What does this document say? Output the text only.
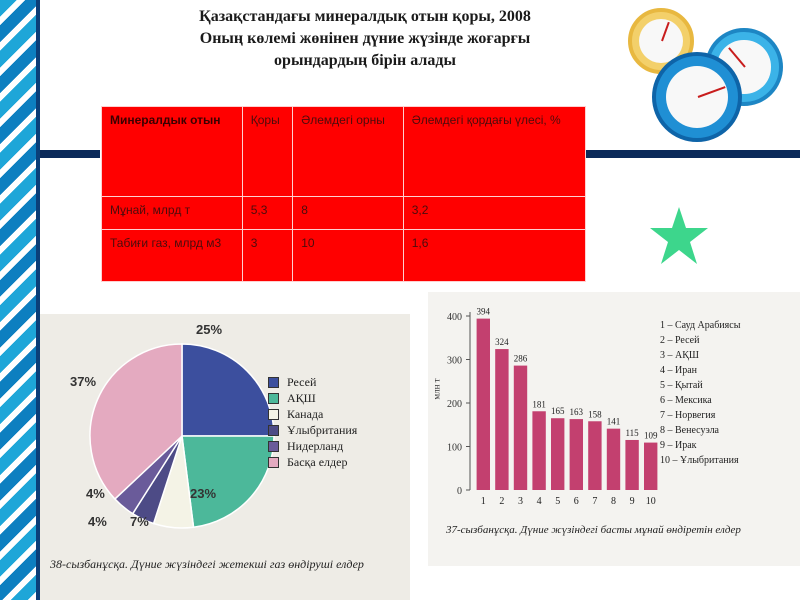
Қазақстандағы минералдық отын қоры, 2008
Оның көлемі жөнінен дүние жүзінде жоғарғы
орындардың бірін алады
Минералдык отын	Қоры	Әлемдегі орны	Әлемдегі қордағы үлесі, %
Мұнай, млрд т	5,3	8	3,2
Табиғи газ, млрд м3	3	10	1,6
25%
23%
7%
4%
4%
37%	Ресей
АҚШ
Канада
Ұлыбритания
Нидерланд
Басқа елдер
38-сызбанұсқа. Дүние жүзіндегі жетекші газ өндіруші елдер
млн т
0
100
200
300
400
394
1
324
2
286
3
181
4
165
5
163
6
158
7
141
8
115
9
109
10
1 – Сауд Арабиясы
2 – Ресей
3 – АҚШ
4 – Иран
5 – Қытай
6 – Мексика
7 – Норвегия
8 – Венесуэла
9 – Ирак
10 – Ұлыбритания
37-сызбанұсқа. Дүние жүзіндегі басты мұнай өндіретін елдер
